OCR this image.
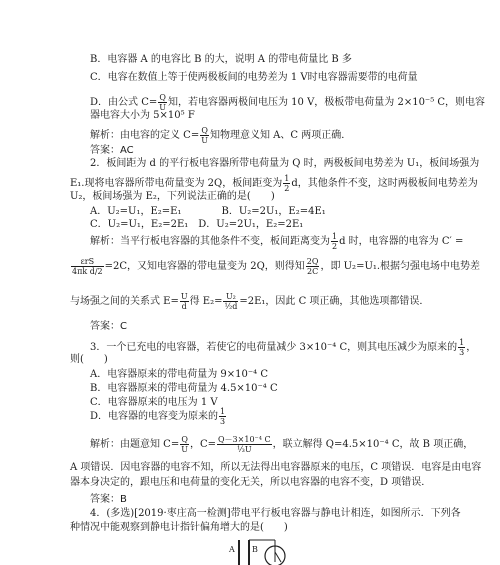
B．电容器 A 的电容比 B 的大，说明 A 的带电荷量比 B 多
C．电容在数值上等于使两极板间的电势差为 1 V时电容器需要带的电荷量
D．由公式 $C= \frac{Q}{U}$ 知，若电容器两极间电压为 10 V，极板带电荷量为 2×10⁻⁵ C，则电容
器电容大小为 5×10⁵ F
解析：由电容的定义 $C= \frac{Q}{U}$ 知物理意义知 A、C 两项正确．
答案：AC
2．板间距为 d 的平行板电容器所带电荷量为 Q 时，两极板间电势差为 U₁，板间场强为
E₁.现将电容器所带电荷量变为 2Q，板间距变为 $\frac{1}{2}$ d，其他条件不变，这时两极板间电势差为
U₂，板间场强为 E₂，下列说法正确的是(　　)
A．U₂=U₁，E₂=E₁　　　　B．U₂=2U₁，E₂=4E₁
C．U₂=U₁，E₂=2E₁　D．U₂=2U₁，E₂=2E₁
解析：当平行板电容器的其他条件不变，板间距离变为 $\frac{1}{2}$ d 时，电容器的电容为 C′ =
$\frac{\text{εrS}}{\text{4πk d/2}} =2C$，又知电容器的带电量变为 2Q，则得知 $\frac{2Q}{2C}$ ，即 U₂=U₁.根据匀强电场中电势差
与场强之间的关系式 $E= \frac{U}{d}$ 得 $E_2= \frac{\text{U₂}}{\text{½d}} =2E_1$，因此 C 项正确，其他选项都错误．
答案：C
3．一个已充电的电容器，若使它的电荷量减少 3×10⁻⁴ C，则其电压减少为原来的 $\frac{1}{3}$ ，
则(　　)
A．电容器原来的带电荷量为 9×10⁻⁴ C
B．电容器原来的带电荷量为 4.5×10⁻⁴ C
C．电容器原来的电压为 1 V
D．电容器的电容变为原来的 $\frac{1}{3}$
解析：由题意知 $C= \frac{Q}{U}$ ，$C= \frac{\text{Q－3×10⁻⁴ C}}{\text{⅓U}}$ ，联立解得 Q=4.5×10⁻⁴ C，故 B 项正确，
A 项错误．因电容器的电容不知，所以无法得出电容器原来的电压，C 项错误．电容是由电容
器本身决定的，跟电压和电荷量的变化无关，所以电容器的电容不变，D 项错误．
答案：B
4．(多选)[2019·枣庄高一检测]带电平行板电容器与静电计相连，如图所示．下列各
种情况中能观察到静电计指针偏角增大的是(　　)
A B
